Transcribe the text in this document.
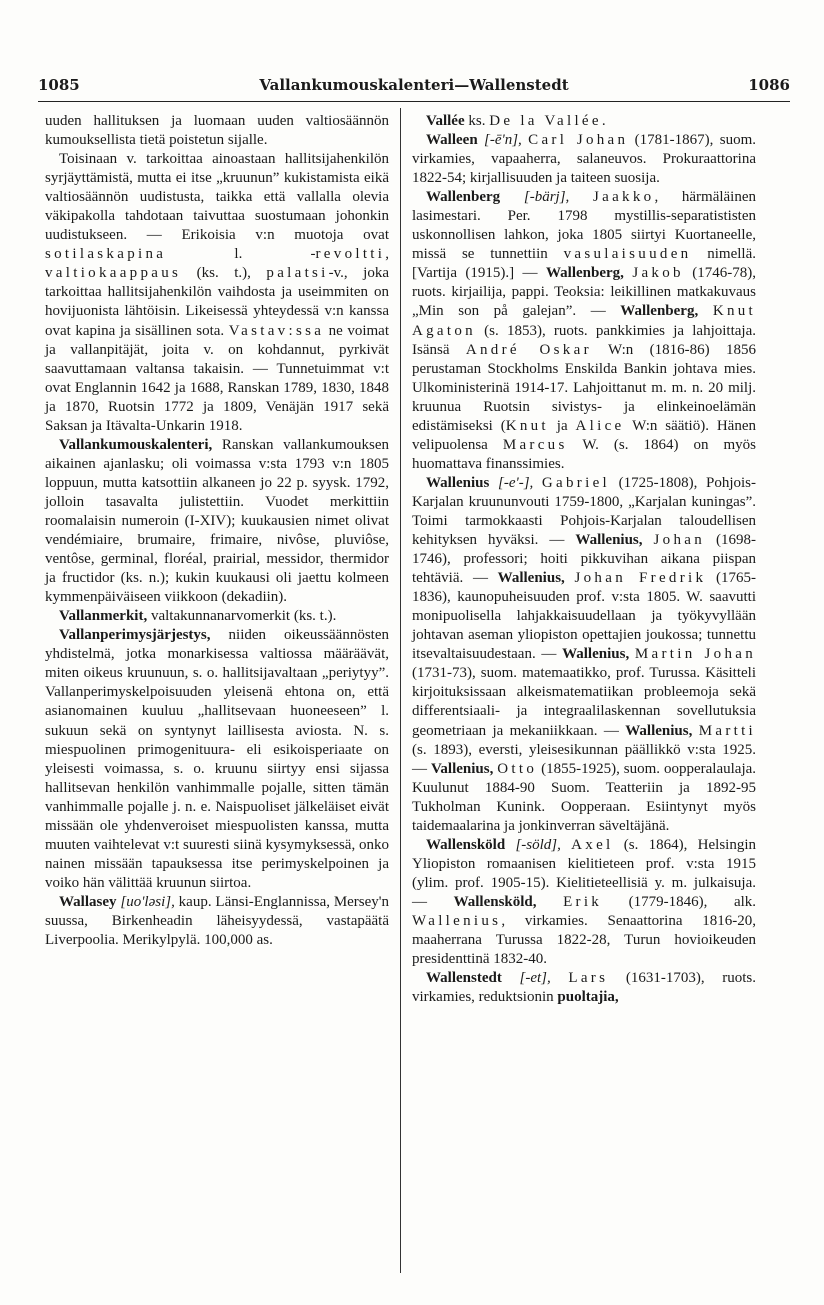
1085	Vallankumouskalenteri—Wallenstedt	1086

uuden hallituksen ja luomaan uuden valtiosäännön kumouksellista tietä poistetun sijalle.

Toisinaan v. tarkoittaa ainoastaan hallitsijahenkilön syrjäyttämistä, mutta ei itse „kruunun” kukistamista eikä valtiosäännön uudistusta, taikka että vallalla olevia väkipakolla tahdotaan taivuttaa suostumaan johonkin uudistukseen. — Erikoisia v:n muotoja ovat sotilaskapina l. -revoltti, valtiokaappaus (ks. t.), palatsi-v., joka tarkoittaa hallitsijahenkilön vaihdosta ja useimmiten on hovijuonista lähtöisin. Likeisessä yhteydessä v:n kanssa ovat kapina ja sisällinen sota. Vastav:ssa ne voimat ja vallanpitäjät, joita v. on kohdannut, pyrkivät saavuttamaan valtansa takaisin. — Tunnetuimmat v:t ovat Englannin 1642 ja 1688, Ranskan 1789, 1830, 1848 ja 1870, Ruotsin 1772 ja 1809, Venäjän 1917 sekä Saksan ja Itävalta-Unkarin 1918.

Vallankumouskalenteri, Ranskan vallankumouksen aikainen ajanlasku; oli voimassa v:sta 1793 v:n 1805 loppuun, mutta katsottiin alkaneen jo 22 p. syysk. 1792, jolloin tasavalta julistettiin. Vuodet merkittiin roomalaisin numeroin (I-XIV); kuukausien nimet olivat vendémiaire, brumaire, frimaire, nivôse, pluviôse, ventôse, germinal, floréal, prairial, messidor, thermidor ja fructidor (ks. n.); kukin kuukausi oli jaettu kolmeen kymmenpäiväiseen viikkoon (dekadiin).

Vallanmerkit, valtakunnanarvomerkit (ks. t.).

Vallanperimysjärjestys, niiden oikeussäännösten yhdistelmä, jotka monarkisessa valtiossa määräävät, miten oikeus kruunuun, s. o. hallitsijavaltaan „periytyy”. Vallanperimyskelpoisuuden yleisenä ehtona on, että asianomainen kuuluu „hallitsevaan huoneeseen” l. sukuun sekä on syntynyt laillisesta aviosta. N. s. miespuolinen primogenituura- eli esikoisperiaate on yleisesti voimassa, s. o. kruunu siirtyy ensi sijassa hallitsevan henkilön vanhimmalle pojalle, sitten tämän vanhimmalle pojalle j. n. e. Naispuoliset jälkeläiset eivät missään ole yhdenveroiset miespuolisten kanssa, mutta muuten vaihtelevat v:t suuresti siinä kysymyksessä, onko nainen missään tapauksessa itse perimyskelpoinen ja voiko hän välittää kruunun siirtoa.

Wallasey [uo'ləsi], kaup. Länsi-Englannissa, Mersey'n suussa, Birkenheadin läheisyydessä, vastapäätä Liverpoolia. Merikylpylä. 100,000 as.

Vallée ks. De la Vallée.

Walleen [-ē'n], Carl Johan (1781-1867), suom. virkamies, vapaaherra, salaneuvos. Prokuraattorina 1822-54; kirjallisuuden ja taiteen suosija.

Wallenberg [-bärj], Jaakko, härmäläinen lasimestari. Per. 1798 mystillis-separatististen uskonnollisen lahkon, joka 1805 siirtyi Kuortaneelle, missä se tunnettiin vasulaisuuden nimellä. [Vartija (1915).] — Wallenberg, Jakob (1746-78), ruots. kirjailija, pappi. Teoksia: leikillinen matkakuvaus „Min son på galejan”. — Wallenberg, Knut Agaton (s. 1853), ruots. pankkimies ja lahjoittaja. Isänsä André Oskar W:n (1816-86) 1856 perustaman Stockholms Enskilda Bankin johtava mies. Ulkoministerinä 1914-17. Lahjoittanut m. m. n. 20 milj. kruunua Ruotsin sivistys- ja elinkeinoelämän edistämiseksi (Knut ja Alice W:n säätiö). Hänen velipuolensa Marcus W. (s. 1864) on myös huomattava finanssimies.

Wallenius [-e'-], Gabriel (1725-1808), Pohjois-Karjalan kruununvouti 1759-1800, „Karjalan kuningas”. Toimi tarmokkaasti Pohjois-Karjalan taloudellisen kehityksen hyväksi. — Wallenius, Johan (1698-1746), professori; hoiti pikkuvihan aikana piispan tehtäviä. — Wallenius, Johan Fredrik (1765-1836), kaunopuheisuuden prof. v:sta 1805. W. saavutti monipuolisella lahjakkaisuudellaan ja työkyvyllään johtavan aseman yliopiston opettajien joukossa; tunnettu itsevaltaisuudestaan. — Wallenius, Martin Johan (1731-73), suom. matemaatikko, prof. Turussa. Käsitteli kirjoituksissaan alkeismatematiikan probleemoja sekä differentsiaali- ja integraalilaskennan sovellutuksia geometriaan ja mekaniikkaan. — Wallenius, Martti (s. 1893), eversti, yleisesikunnan päällikkö v:sta 1925. — Vallenius, Otto (1855-1925), suom. oopperalaulaja. Kuulunut 1884-90 Suom. Teatteriin ja 1892-95 Tukholman Kunink. Oopperaan. Esiintynyt myös taidemaalarina ja jonkinverran säveltäjänä.

Wallensköld [-söld], Axel (s. 1864), Helsingin Yliopiston romaanisen kielitieteen prof. v:sta 1915 (ylim. prof. 1905-15). Kielitieteellisiä y. m. julkaisuja. — Wallensköld, Erik (1779-1846), alk. Wallenius, virkamies. Senaattorina 1816-20, maaherrana Turussa 1822-28, Turun hovioikeuden presidenttinä 1832-40.

Wallenstedt [-et], Lars (1631-1703), ruots. virkamies, reduktsionin puoltajia,
